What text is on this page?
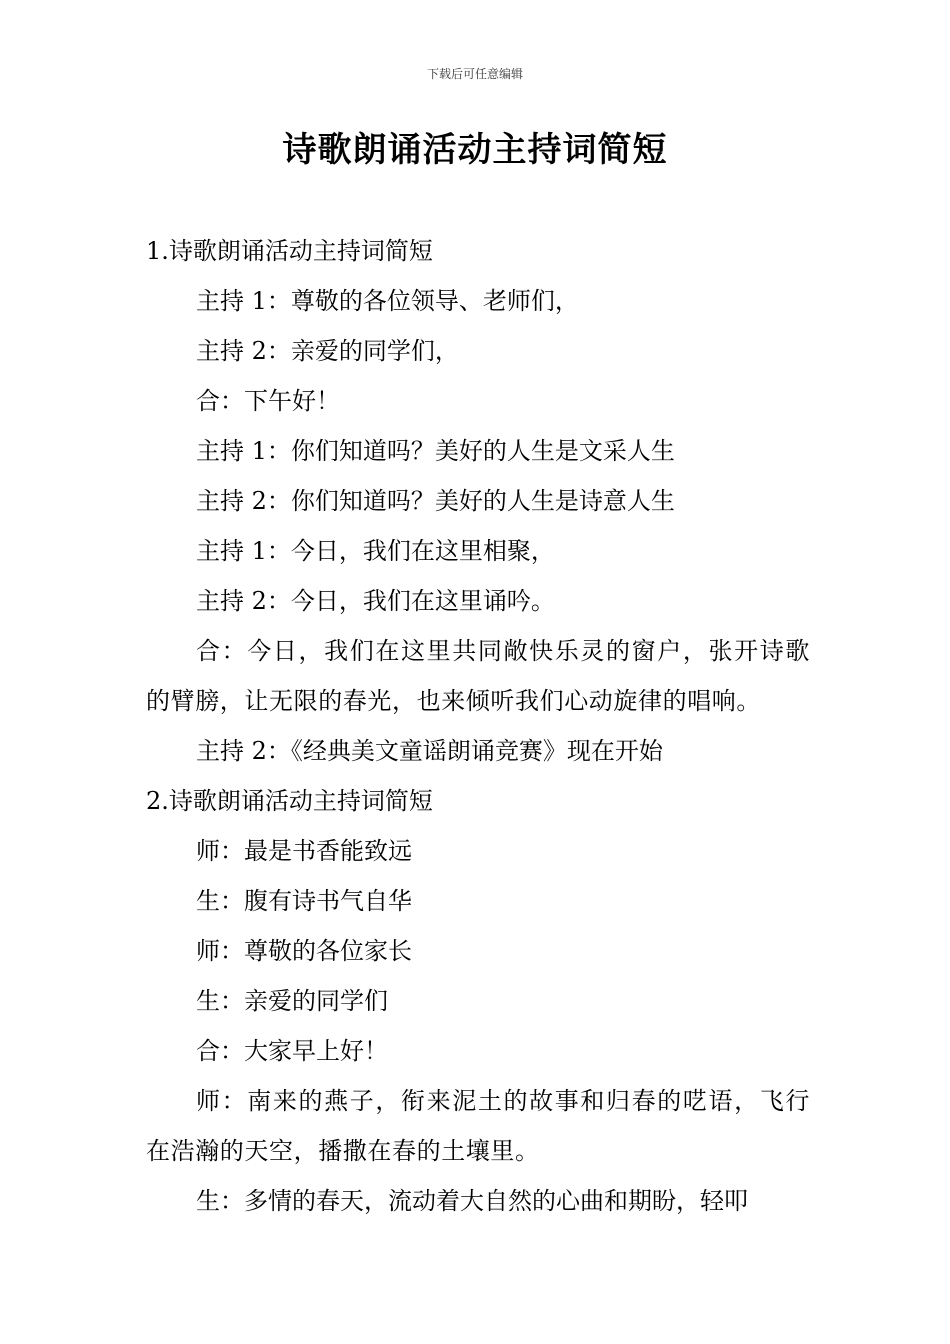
下载后可任意编辑
诗歌朗诵活动主持词简短

1.诗歌朗诵活动主持词简短

主持 1：尊敬的各位领导、老师们，

主持 2：亲爱的同学们，

合：下午好！

主持 1：你们知道吗？美好的人生是文采人生

主持 2：你们知道吗？美好的人生是诗意人生

主持 1：今日，我们在这里相聚，

主持 2：今日，我们在这里诵吟。

合：今日，我们在这里共同敞快乐灵的窗户，张开诗歌的臂膀，让无限的春光，也来倾听我们心动旋律的唱响。

主持 2：《经典美文童谣朗诵竞赛》现在开始

2.诗歌朗诵活动主持词简短

师：最是书香能致远

生：腹有诗书气自华

师：尊敬的各位家长

生：亲爱的同学们

合：大家早上好！

师：南来的燕子，衔来泥土的故事和归春的呓语，飞行在浩瀚的天空，播撒在春的土壤里。

生：多情的春天，流动着大自然的心曲和期盼，轻叩
